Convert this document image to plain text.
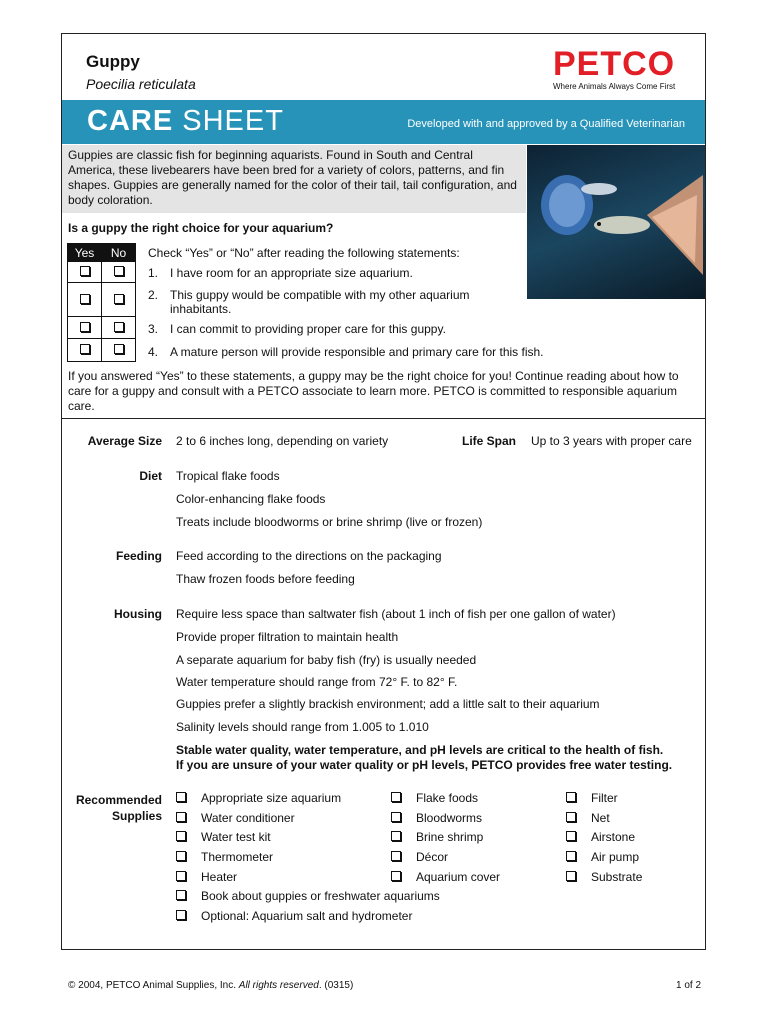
Guppy
Poecilia reticulata
PETCO
Where Animals Always Come First
CARE SHEET	Developed with and approved by a Qualified Veterinarian
Guppies are classic fish for beginning aquarists. Found in South and Central America, these livebearers have been bred for a variety of colors, patterns, and fin shapes. Guppies are generally named for the color of their tail, tail configuration, and body coloration.
Is a guppy the right choice for your aquarium?
Yes	No

	Check “Yes” or “No” after reading the following statements:
1. I have room for an appropriate size aquarium.
2. This guppy would be compatible with my other aquarium inhabitants.
3. I can commit to providing proper care for this guppy.
4. A mature person will provide responsible and primary care for this fish.
If you answered “Yes” to these statements, a guppy may be the right choice for you! Continue reading about how to care for a guppy and consult with a PETCO associate to learn more. PETCO is committed to responsible aquarium care.
Average Size 2 to 6 inches long, depending on variety	Life Span Up to 3 years with proper care
Diet Tropical flake foods
Color-enhancing flake foods
Treats include bloodworms or brine shrimp (live or frozen)
Feeding Feed according to the directions on the packaging
Thaw frozen foods before feeding
Housing Require less space than saltwater fish (about 1 inch of fish per one gallon of water)
Provide proper filtration to maintain health
A separate aquarium for baby fish (fry) is usually needed
Water temperature should range from 72° F. to 82° F.
Guppies prefer a slightly brackish environment; add a little salt to their aquarium
Salinity levels should range from 1.005 to 1.010
Stable water quality, water temperature, and pH levels are critical to the health of fish.
If you are unsure of your water quality or pH levels, PETCO provides free water testing.
Recommended
Supplies
Appropriate size aquarium
Water conditioner
Water test kit
Thermometer
Heater
Book about guppies or freshwater aquariums
Optional: Aquarium salt and hydrometer
Flake foods
Bloodworms
Brine shrimp
Décor
Aquarium cover
Filter
Net
Airstone
Air pump
Substrate
© 2004, PETCO Animal Supplies, Inc. All rights reserved. (0315)	1 of 2
